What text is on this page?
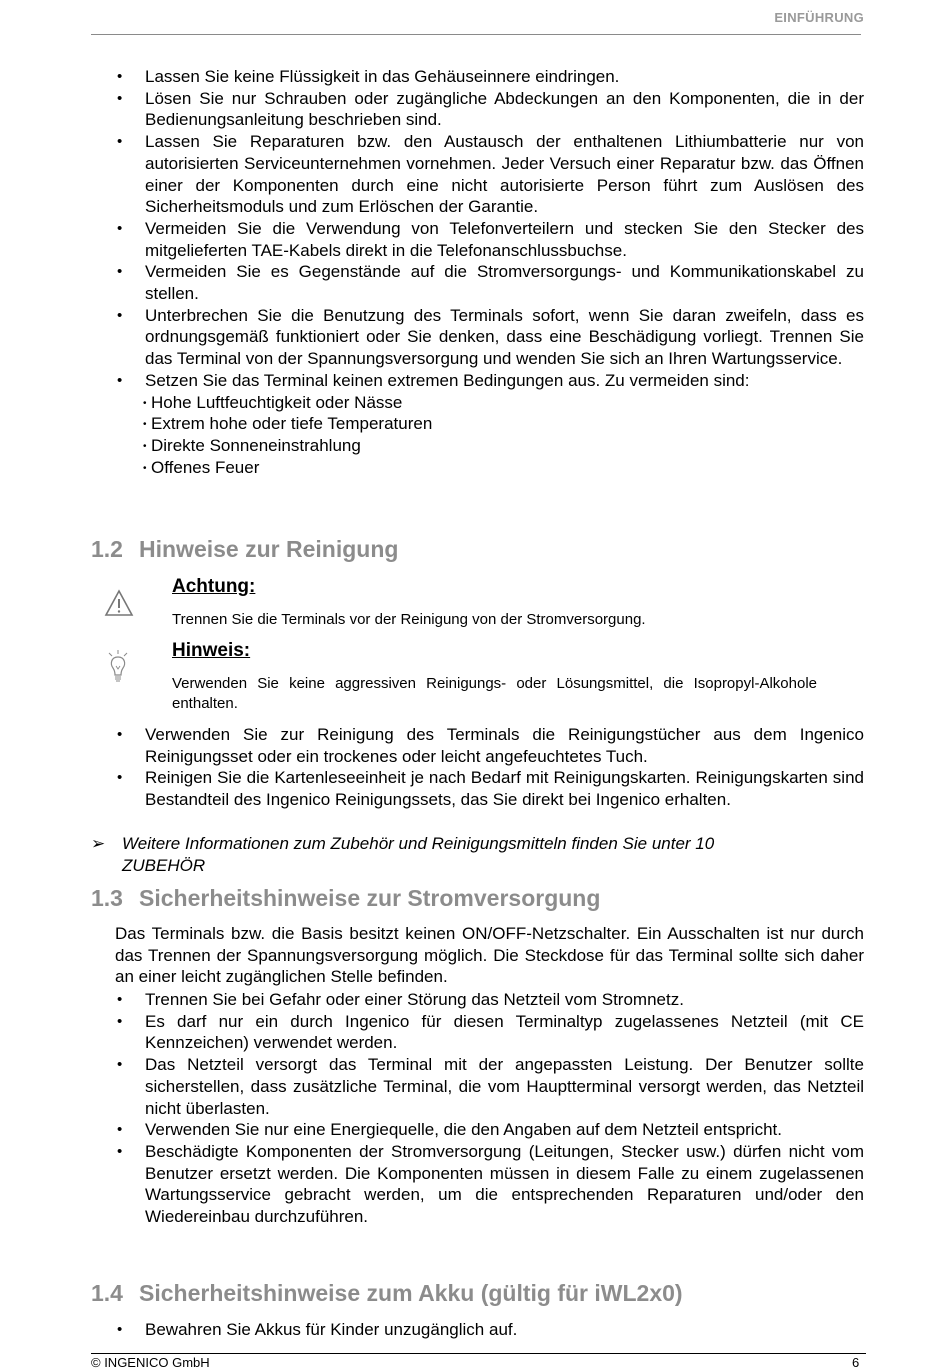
EINFÜHRUNG
• Lassen Sie keine Flüssigkeit in das Gehäuseinnere eindringen.
• Lösen Sie nur Schrauben oder zugängliche Abdeckungen an den Komponenten, die in der Bedienungsanleitung beschrieben sind.
• Lassen Sie Reparaturen bzw. den Austausch der enthaltenen Lithiumbatterie nur von autorisierten Serviceunternehmen vornehmen. Jeder Versuch einer Reparatur bzw. das Öffnen einer der Komponenten durch eine nicht autorisierte Person führt zum Auslösen des Sicherheitsmoduls und zum Erlöschen der Garantie.
• Vermeiden Sie die Verwendung von Telefonverteilern und stecken Sie den Stecker des mitgelieferten TAE-Kabels direkt in die Telefonanschlussbuchse.
• Vermeiden Sie es Gegenstände auf die Stromversorgungs- und Kommunikationskabel zu stellen.
• Unterbrechen Sie die Benutzung des Terminals sofort, wenn Sie daran zweifeln, dass es ordnungsgemäß funktioniert oder Sie denken, dass eine Beschädigung vorliegt. Trennen Sie das Terminal von der Spannungsversorgung und wenden Sie sich an Ihren Wartungsservice.
• Setzen Sie das Terminal keinen extremen Bedingungen aus. Zu vermeiden sind:
• Hohe Luftfeuchtigkeit oder Nässe
• Extrem hohe oder tiefe Temperaturen
• Direkte Sonneneinstrahlung
• Offenes Feuer
1.2 Hinweise zur Reinigung
Achtung:
Trennen Sie die Terminals vor der Reinigung von der Stromversorgung.
Hinweis:
Verwenden Sie keine aggressiven Reinigungs- oder Lösungsmittel, die Isopropyl-Alkohole enthalten.
• Verwenden Sie zur Reinigung des Terminals die Reinigungstücher aus dem Ingenico Reinigungsset oder ein trockenes oder leicht angefeuchtetes Tuch.
• Reinigen Sie die Kartenleseeinheit je nach Bedarf mit Reinigungskarten. Reinigungskarten sind Bestandteil des Ingenico Reinigungssets, das Sie direkt bei Ingenico erhalten.
➢ Weitere Informationen zum Zubehör und Reinigungsmitteln finden Sie unter 10 ZUBEHÖR
1.3 Sicherheitshinweise zur Stromversorgung

Das Terminals bzw. die Basis besitzt keinen ON/OFF-Netzschalter. Ein Ausschalten ist nur durch das Trennen der Spannungsversorgung möglich. Die Steckdose für das Terminal sollte sich daher an einer leicht zugänglichen Stelle befinden.

• Trennen Sie bei Gefahr oder einer Störung das Netzteil vom Stromnetz.
• Es darf nur ein durch Ingenico für diesen Terminaltyp zugelassenes Netzteil (mit CE Kennzeichen) verwendet werden.
• Das Netzteil versorgt das Terminal mit der angepassten Leistung. Der Benutzer sollte sicherstellen, dass zusätzliche Terminal, die vom Hauptterminal versorgt werden, das Netzteil nicht überlasten.
• Verwenden Sie nur eine Energiequelle, die den Angaben auf dem Netzteil entspricht.
• Beschädigte Komponenten der Stromversorgung (Leitungen, Stecker usw.) dürfen nicht vom Benutzer ersetzt werden. Die Komponenten müssen in diesem Falle zu einem zugelassenen Wartungsservice gebracht werden, um die entsprechenden Reparaturen und/oder den Wiedereinbau durchzuführen.
1.4 Sicherheitshinweise zum Akku (gültig für iWL2x0)
• Bewahren Sie Akkus für Kinder unzugänglich auf.
© INGENICO GmbH	6
